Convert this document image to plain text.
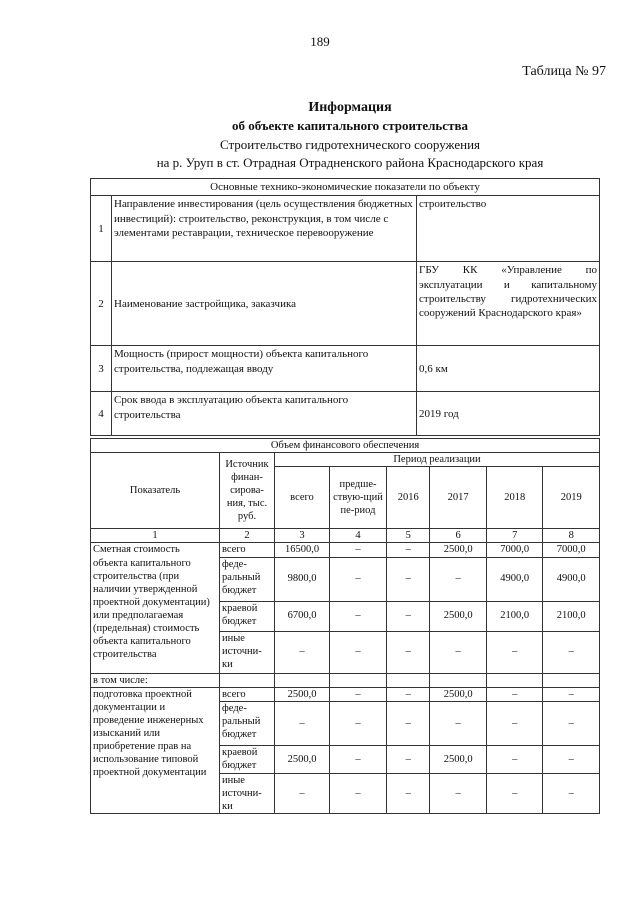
189
Таблица № 97
Информация
об объекте капитального строительства
Строительство гидротехнического сооружения
на р. Уруп в ст. Отрадная Отрадненского района Краснодарского края
Основные технико-экономические показатели по объекту		
1	Направление инвестирования (цель осуществления бюджетных инвестиций): строительство, реконструкция, в том числе с элементами реставрации, техническое перевооружение	строительство
2	Наименование застройщика, заказчика	ГБУ КК «Управление по эксплуатации и капитальному строительству гидротехнических сооружений Краснодарского края»
3	Мощность (прирост мощности) объекта капитального строительства, подлежащая вводу	0,6 км
4	Срок ввода в эксплуатацию объекта капитального строительства	2019 год
Объем финансового обеспечения							
Показатель	Источник финан-сирова-ния, тыс. руб.	Период реализации					
		всего	предше-ствую-щий пе-риод	2016	2017	2018	2019
1	2	3	4	5	6	7	8
Сметная стоимость объекта капитального строительства (при наличии утвержденной проектной документации) или предполагаемая (предельная) стоимость объекта капитального строительства	всего	16500,0	–	–	2500,0	7000,0	7000,0
	феде-ральный бюджет	9800,0	–	–	–	4900,0	4900,0
	краевой бюджет	6700,0	–	–	2500,0	2100,0	2100,0
	иные источни-ки	–	–	–	–	–	–
в том числе:							
подготовка проектной документации и проведение инженерных изысканий или приобретение прав на использование типовой проектной документации	всего	2500,0	–	–	2500,0	–	–
	феде-ральный бюджет	–	–	–	–	–	–
	краевой бюджет	2500,0	–	–	2500,0	–	–
	иные источни-ки	–	–	–	–	–	–
